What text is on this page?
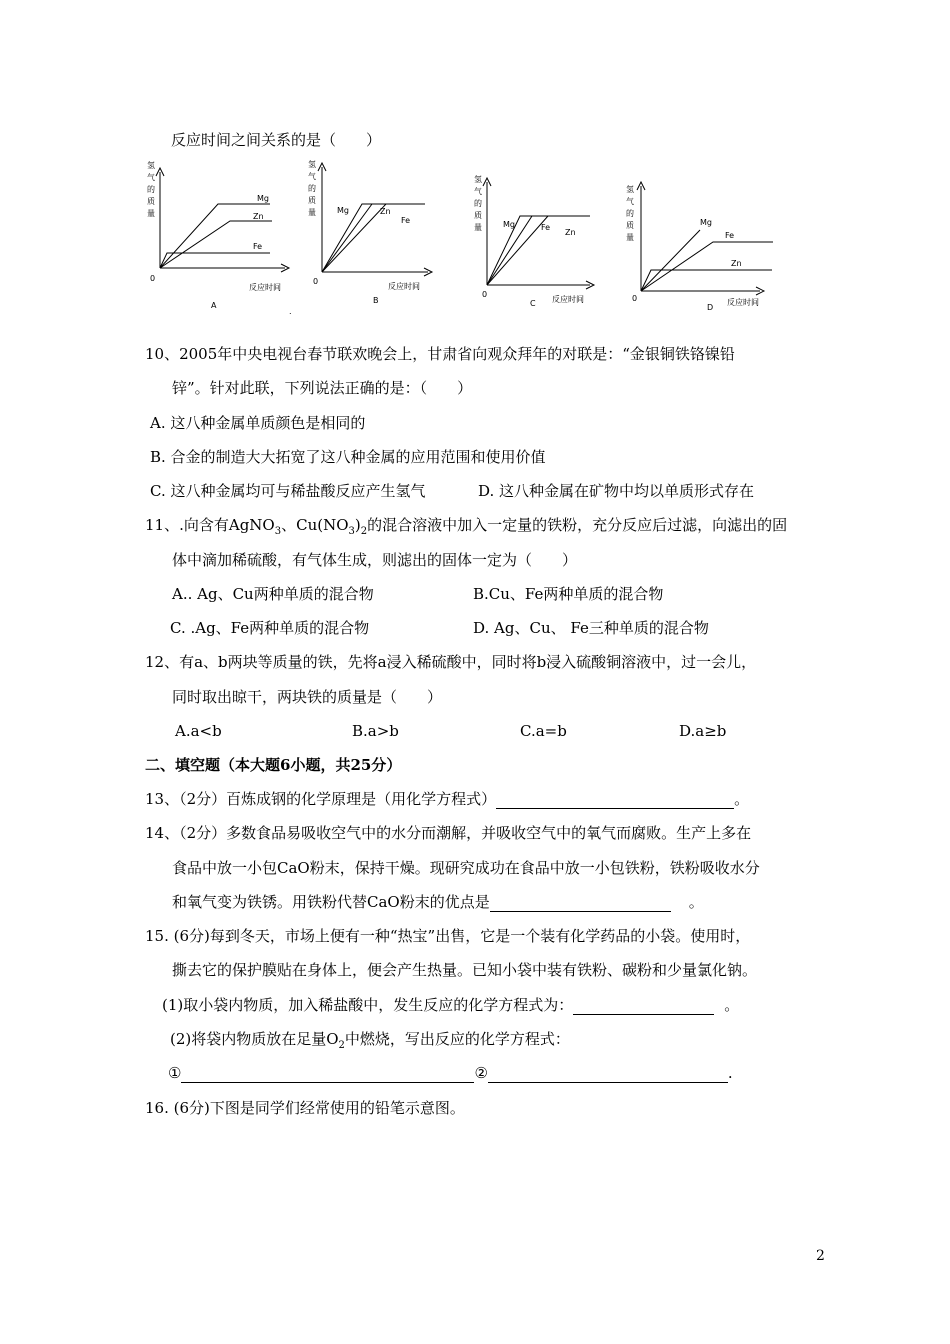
反应时间之间关系的是（　　）
氢
气
的
质
量
Mg
Zn
Fe
0
反应时间
A
.
氢
气
的
质
量	Mg	Zn
Fe
0
反应时间
B
氢
气
的
质
量	Mg	Fe
Zn
0
反应时间
C
氢
气
的
质
量
Mg
Fe
Zn
0	反应时间
D
10、2005年中央电视台春节联欢晚会上，甘肃省向观众拜年的对联是：“金银铜铁铬镍铅
锌”。针对此联，下列说法正确的是：（　　）
A. 这八种金属单质颜色是相同的
B. 合金的制造大大拓宽了这八种金属的应用范围和使用价值
C. 这八种金属均可与稀盐酸反应产生氢气	D. 这八种金属在矿物中均以单质形式存在
11、.向含有AgNO$_3$、$Cu(NO_3)_2$的混合溶液中加入一定量的铁粉，充分反应后过滤，向滤出的固
体中滴加稀硫酸，有气体生成，则滤出的固体一定为（　　）
A.. Ag、Cu两种单质的混合物	B.Cu、Fe两种单质的混合物
C. .Ag、Fe两种单质的混合物	D. Ag、Cu、 Fe三种单质的混合物
12、有a、b两块等质量的铁，先将a浸入稀硫酸中，同时将b浸入硫酸铜溶液中，过一会儿，
同时取出晾干，两块铁的质量是（　　）
A.a<b	B.a>b	C.a=b	D.a≥b
二、填空题（本大题6小题，共25分）
13、（2分）百炼成钢的化学原理是（用化学方程式）	。
14、（2分）多数食品易吸收空气中的水分而潮解，并吸收空气中的氧气而腐败。生产上多在
食品中放一小包CaO粉末，保持干燥。现研究成功在食品中放一小包铁粉，铁粉吸收水分
和氧气变为铁锈。用铁粉代替CaO粉末的优点是	。
15. (6分)每到冬天，市场上便有一种“热宝”出售，它是一个装有化学药品的小袋。使用时，
撕去它的保护膜贴在身体上，便会产生热量。已知小袋中装有铁粉、碳粉和少量氯化钠。
(1)取小袋内物质，加入稀盐酸中，发生反应的化学方程式为：	。
(2)将袋内物质放在足量$O_2$中燃烧，写出反应的化学方程式：
①	②	.
16. (6分)下图是同学们经常使用的铅笔示意图。
2
